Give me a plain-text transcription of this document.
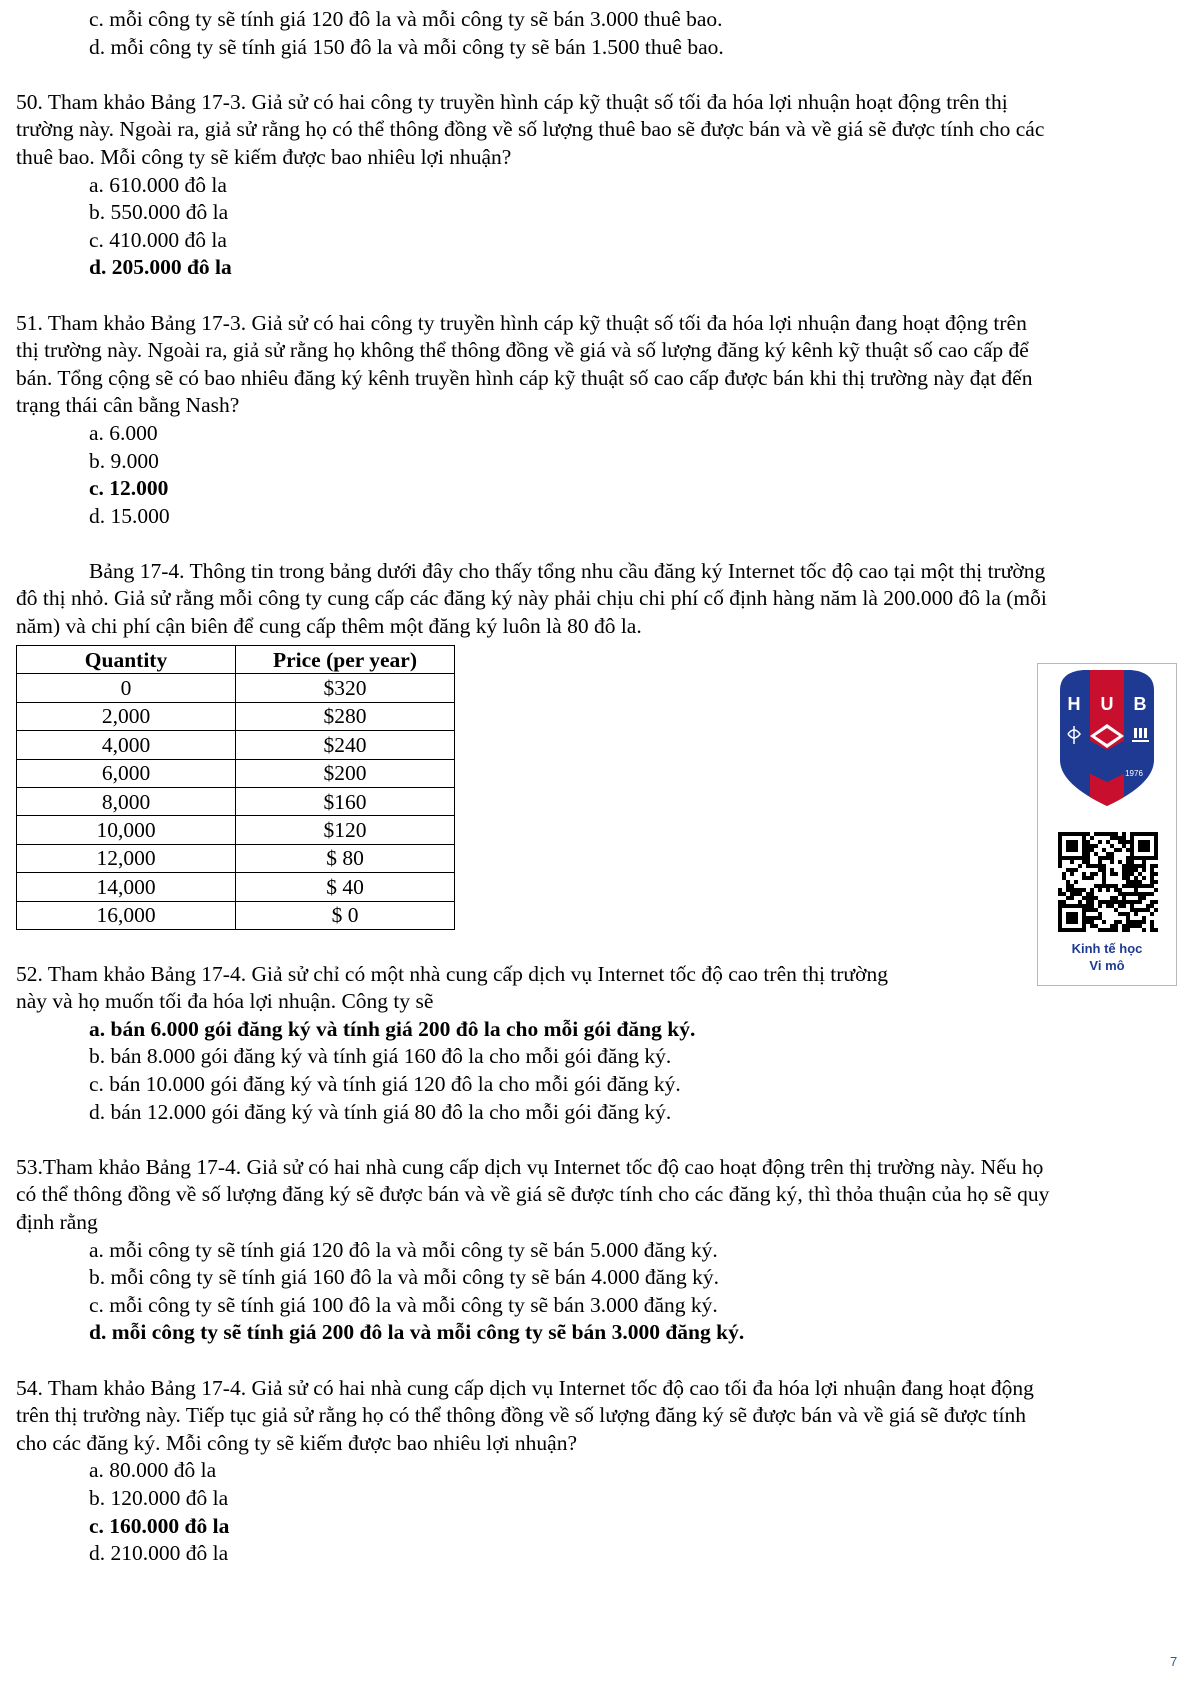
c. mỗi công ty sẽ tính giá 120 đô la và mỗi công ty sẽ bán 3.000 thuê bao.
d. mỗi công ty sẽ tính giá 150 đô la và mỗi công ty sẽ bán 1.500 thuê bao.
50. Tham khảo Bảng 17-3. Giả sử có hai công ty truyền hình cáp kỹ thuật số tối đa hóa lợi nhuận hoạt động trên thị
trường này. Ngoài ra, giả sử rằng họ có thể thông đồng về số lượng thuê bao sẽ được bán và về giá sẽ được tính cho các
thuê bao. Mỗi công ty sẽ kiếm được bao nhiêu lợi nhuận?
a. 610.000 đô la
b. 550.000 đô la
c. 410.000 đô la
d. 205.000 đô la
51. Tham khảo Bảng 17-3. Giả sử có hai công ty truyền hình cáp kỹ thuật số tối đa hóa lợi nhuận đang hoạt động trên
thị trường này. Ngoài ra, giả sử rằng họ không thể thông đồng về giá và số lượng đăng ký kênh kỹ thuật số cao cấp để
bán. Tổng cộng sẽ có bao nhiêu đăng ký kênh truyền hình cáp kỹ thuật số cao cấp được bán khi thị trường này đạt đến
trạng thái cân bằng Nash?
a. 6.000
b. 9.000
c. 12.000
d. 15.000
Bảng 17-4. Thông tin trong bảng dưới đây cho thấy tổng nhu cầu đăng ký Internet tốc độ cao tại một thị trường
đô thị nhỏ. Giả sử rằng mỗi công ty cung cấp các đăng ký này phải chịu chi phí cố định hàng năm là 200.000 đô la (mỗi
năm) và chi phí cận biên để cung cấp thêm một đăng ký luôn là 80 đô la.
52. Tham khảo Bảng 17-4. Giả sử chỉ có một nhà cung cấp dịch vụ Internet tốc độ cao trên thị trường
này và họ muốn tối đa hóa lợi nhuận. Công ty sẽ
a. bán 6.000 gói đăng ký và tính giá 200 đô la cho mỗi gói đăng ký.
b. bán 8.000 gói đăng ký và tính giá 160 đô la cho mỗi gói đăng ký.
c. bán 10.000 gói đăng ký và tính giá 120 đô la cho mỗi gói đăng ký.
d. bán 12.000 gói đăng ký và tính giá 80 đô la cho mỗi gói đăng ký.
53.Tham khảo Bảng 17-4. Giả sử có hai nhà cung cấp dịch vụ Internet tốc độ cao hoạt động trên thị trường này. Nếu họ
có thể thông đồng về số lượng đăng ký sẽ được bán và về giá sẽ được tính cho các đăng ký, thì thỏa thuận của họ sẽ quy
định rằng
a. mỗi công ty sẽ tính giá 120 đô la và mỗi công ty sẽ bán 5.000 đăng ký.
b. mỗi công ty sẽ tính giá 160 đô la và mỗi công ty sẽ bán 4.000 đăng ký.
c. mỗi công ty sẽ tính giá 100 đô la và mỗi công ty sẽ bán 3.000 đăng ký.
d. mỗi công ty sẽ tính giá 200 đô la và mỗi công ty sẽ bán 3.000 đăng ký.
54. Tham khảo Bảng 17-4. Giả sử có hai nhà cung cấp dịch vụ Internet tốc độ cao tối đa hóa lợi nhuận đang hoạt động
trên thị trường này. Tiếp tục giả sử rằng họ có thể thông đồng về số lượng đăng ký sẽ được bán và về giá sẽ được tính
cho các đăng ký. Mỗi công ty sẽ kiếm được bao nhiêu lợi nhuận?
a. 80.000 đô la
b. 120.000 đô la
c. 160.000 đô la
d. 210.000 đô la
Quantity	Price (per year)
0	$320
2,000	$280
4,000	$240
6,000	$200
8,000	$160
10,000	$120
12,000	$ 80
14,000	$ 40
16,000	$ 0
H U B
1976
Kinh tế học
Vi mô
7
